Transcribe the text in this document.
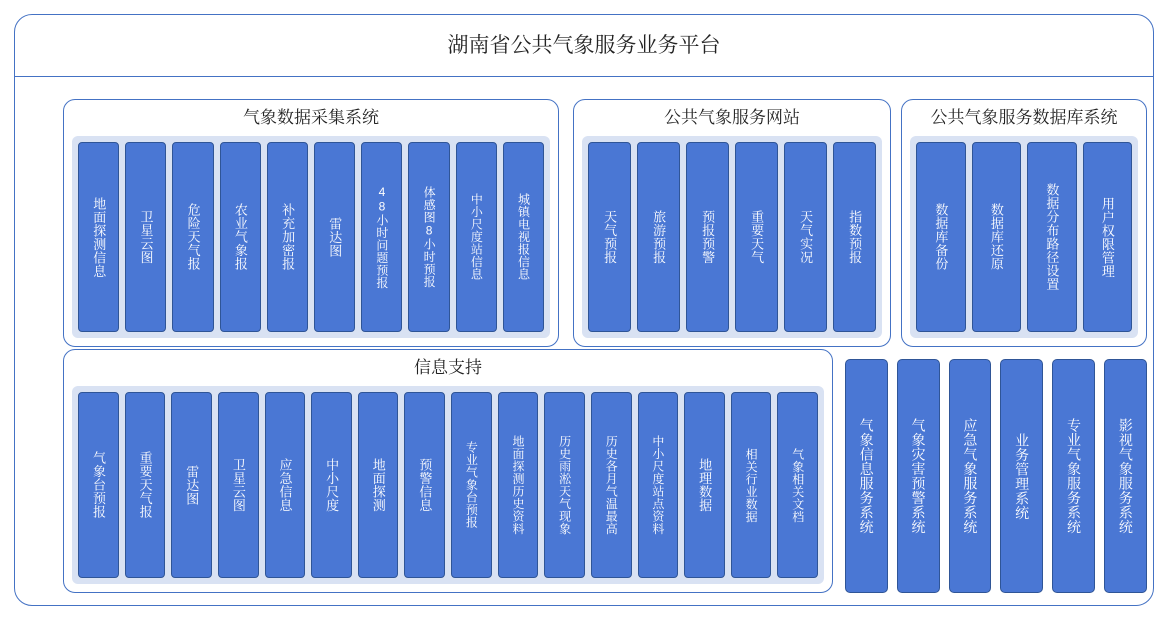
湖南省公共气象服务业务平台
气象数据采集系统
地面探测信息	卫星云图	危险天气报	农业气象报	补充加密报	雷达图	48小时问题预报	体感图8小时预报	中小尺度站信息	城镇电视报信息
公共气象服务网站
天气预报	旅游预报	预报预警	重要天气	天气实况	指数预报
公共气象服务数据库系统
数据库备份	数据库还原	数据分布路径设置	用户权限管理
信息支持
气象台预报	重要天气报	雷达图	卫星云图	应急信息	中小尺度	地面探测	预警信息	专业气象台预报	地面探测历史资料	历史雨淞天气现象	历史各月气温最高	中小尺度站点资料	地理数据	相关行业数据	气象相关文档	气象信息服务系统	气象灾害预警系统	应急气象服务系统	业务管理系统	专业气象服务系统	影视气象服务系统
